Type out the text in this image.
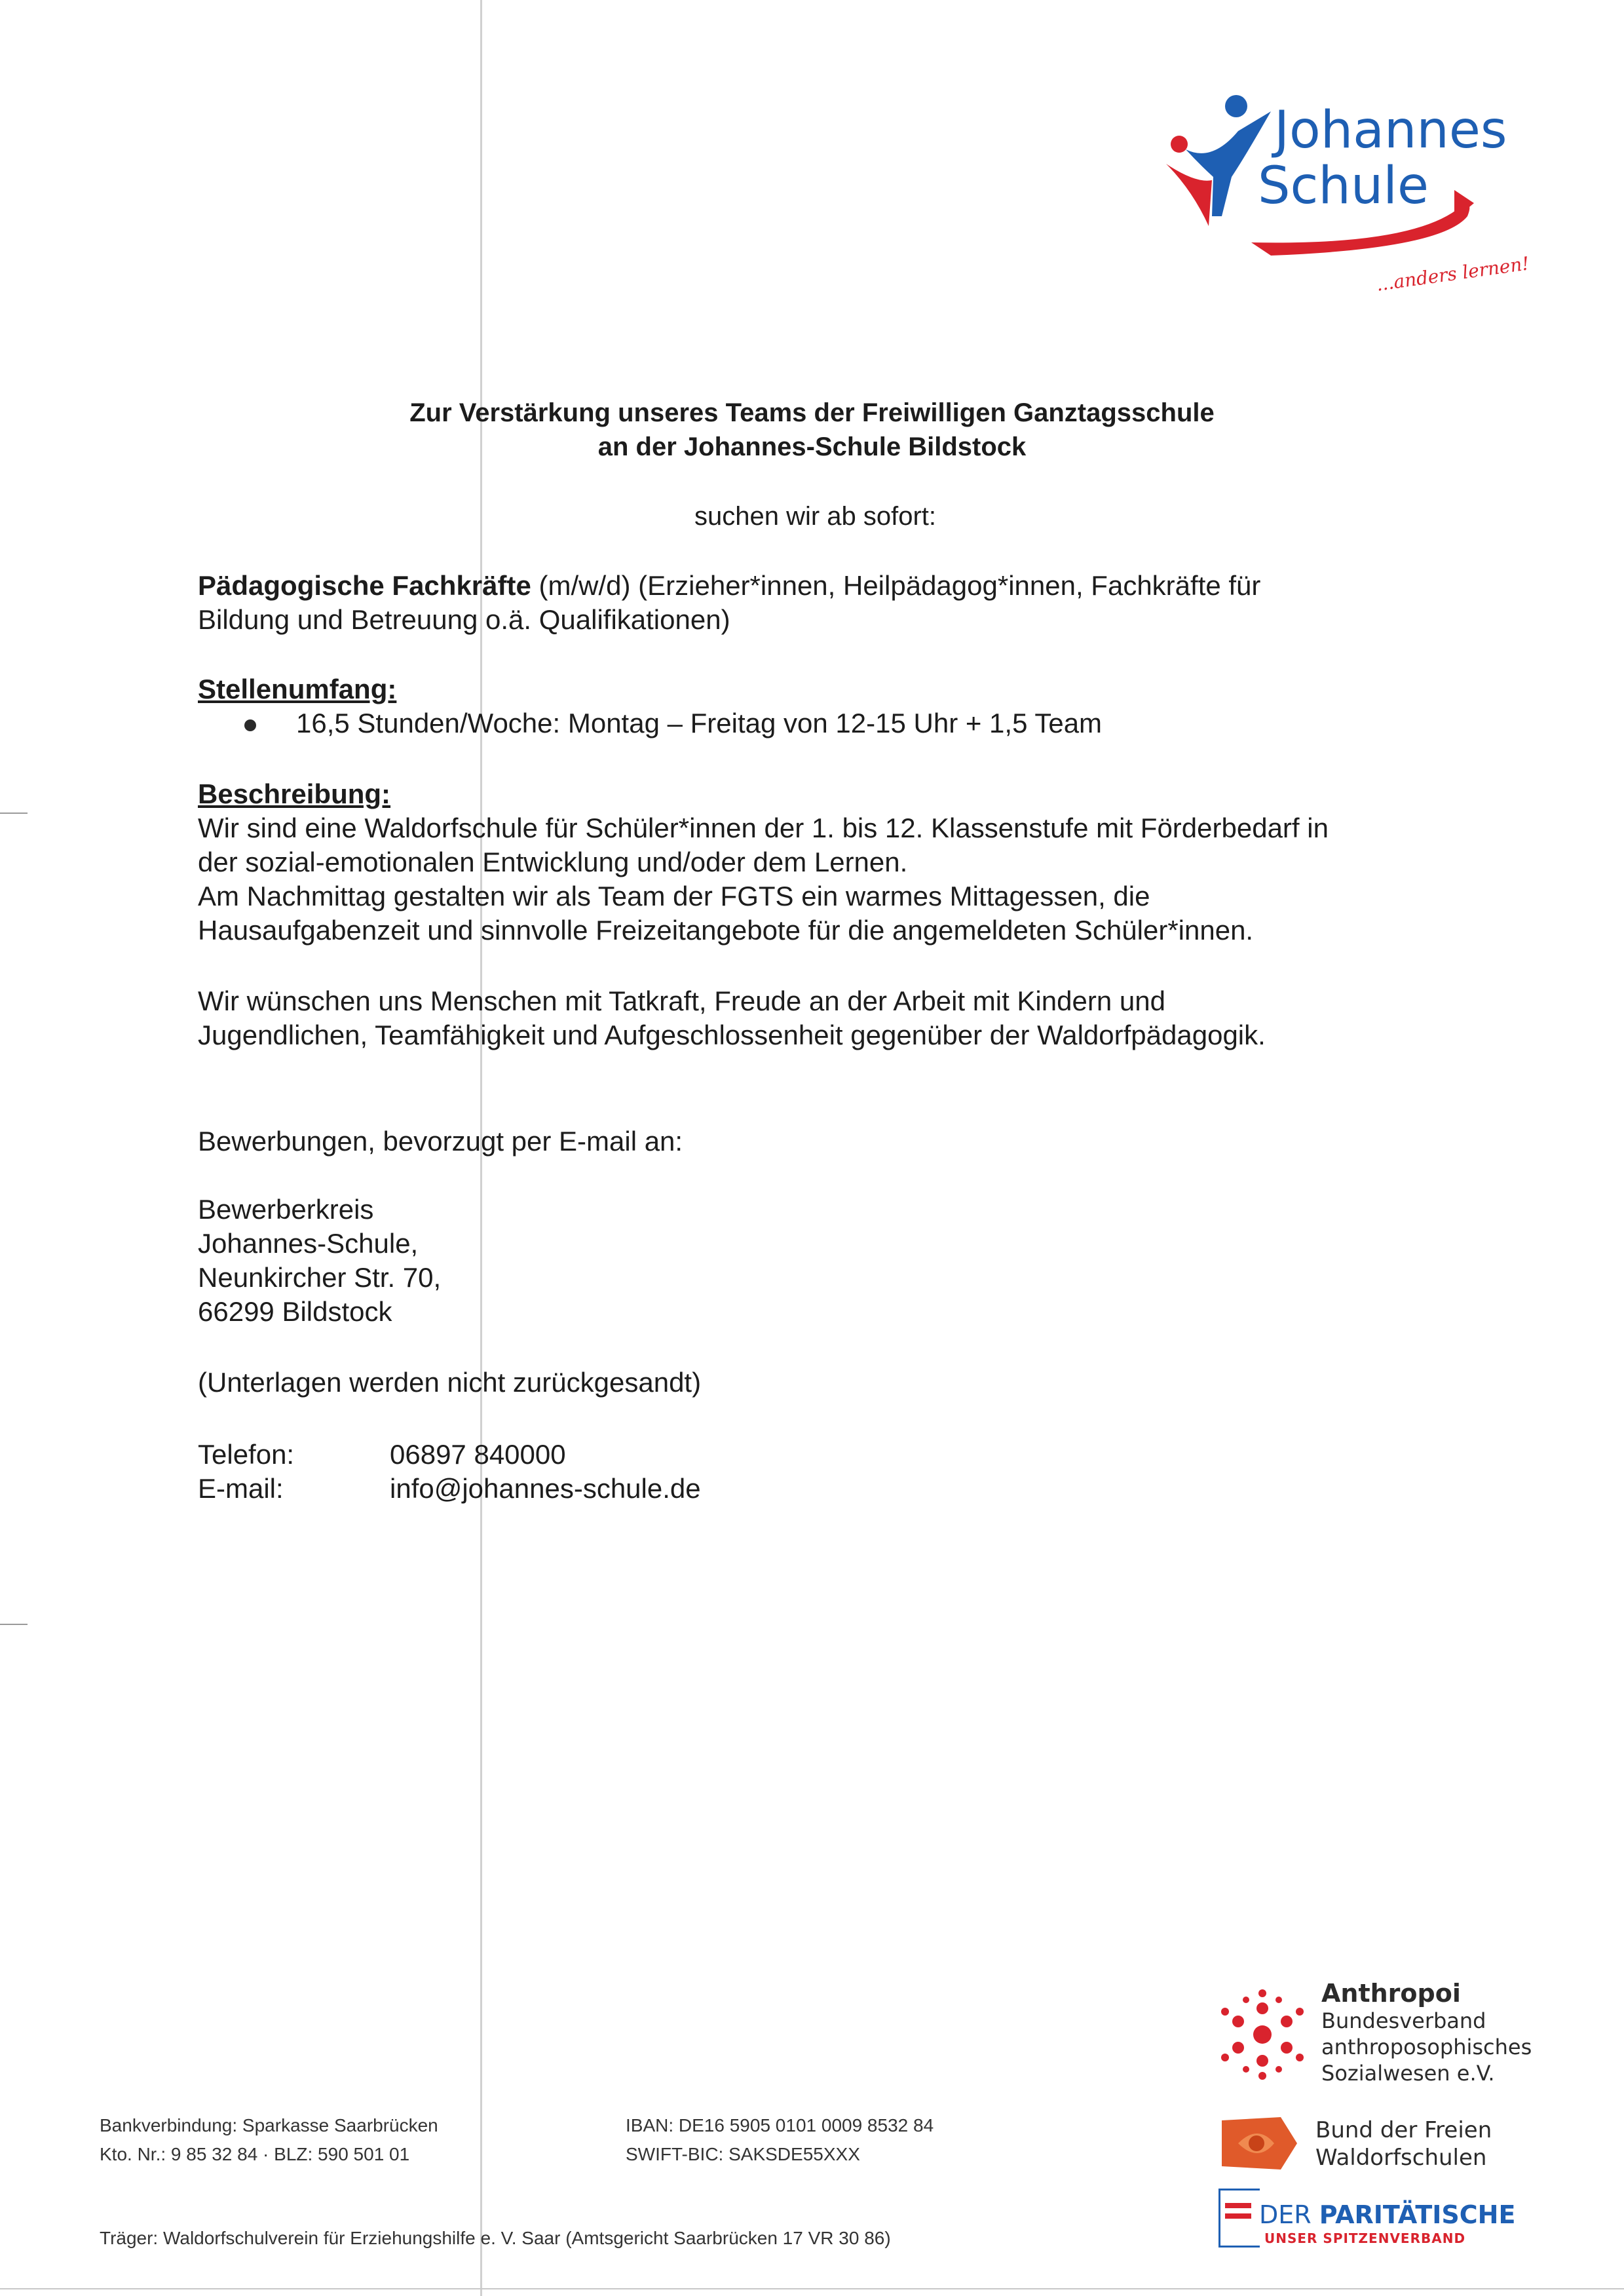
Johannes
Schule
...anders lernen!
Zur Verstärkung unseres Teams der Freiwilligen Ganztagsschule
an der Johannes-Schule Bildstock
suchen wir ab sofort:
Pädagogische Fachkräfte (m/w/d) (Erzieher*innen, Heilpädagog*innen, Fachkräfte für
Bildung und Betreuung o.ä. Qualifikationen)
Stellenumfang:
16,5 Stunden/Woche: Montag – Freitag von 12-15 Uhr + 1,5 Team
Beschreibung:

Wir sind eine Waldorfschule für Schüler*innen der 1. bis 12. Klassenstufe mit Förderbedarf in

der sozial-emotionalen Entwicklung und/oder dem Lernen.

Am Nachmittag gestalten wir als Team der FGTS ein warmes Mittagessen, die

Hausaufgabenzeit und sinnvolle Freizeitangebote für die angemeldeten Schüler*innen.

Wir wünschen uns Menschen mit Tatkraft, Freude an der Arbeit mit Kindern und

Jugendlichen, Teamfähigkeit und Aufgeschlossenheit gegenüber der Waldorfpädagogik.

Bewerbungen, bevorzugt per E-mail an:

Bewerberkreis

Johannes-Schule,

Neunkircher Str. 70,

66299 Bildstock

(Unterlagen werden nicht zurückgesandt)
Telefon:	06897 840000
E-mail:	info@johannes-schule.de
Bankverbindung: Sparkasse Saarbrücken
Kto. Nr.: 9 85 32 84 · BLZ: 590 501 01
IBAN: DE16 5905 0101 0009 8532 84
SWIFT-BIC: SAKSDE55XXX
Träger: Waldorfschulverein für Erziehungshilfe e. V. Saar (Amtsgericht Saarbrücken 17 VR 30 86)
Anthropoi
Bundesverband
anthroposophisches
Sozialwesen e.V.
Bund der Freien
Waldorfschulen
DER PARITÄTISCHE
UNSER SPITZENVERBAND
